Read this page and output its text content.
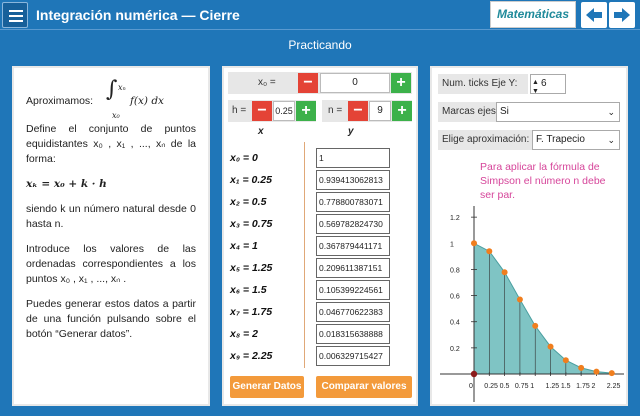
Integración numérica — Cierre	Matemáticas
Practicando
Aproximamos: ∫ xₙ
x₀
f(x) dx

Define el conjunto de puntos equidistantes x₀ , x₁ , ..., xₙ de la forma:

xₖ = x₀ + k · h

siendo k un número natural desde 0 hasta n.

Introduce los valores de las ordenadas correspondientes a los puntos x₀ , x₁ , ..., xₙ .

Puedes generar estos datos a partir de una función pulsando sobre el botón “Generar datos”.

x₀ =	−	0	+
h = − 0.25 +	n = −	9 +
x	y
x₀ = 0	1
x₁ = 0.25	0.939413062813
x₂ = 0.5	0.778800783071
x₃ = 0.75	0.569782824730
x₄ = 1	0.367879441171
x₅ = 1.25	0.209611387151
x₆ = 1.5	0.105399224561
x₇ = 1.75	0.046770622383
x₈ = 2	0.018315638888
x₉ = 2.25	0.006329715427
Generar Datos	Comparar valores
Num. ticks Eje Y:	▲
▼
6
Marcas ejes Si	⌄
Elige aproximación: F. Trapecio	⌄
Para aplicar la fórmula de Simpson el número n debe ser par.
0.2
0.4
0.6
0.8
1
1.2
0 0.25 0.5 0.75 1 1.25 1.5 1.75 2 2.25
